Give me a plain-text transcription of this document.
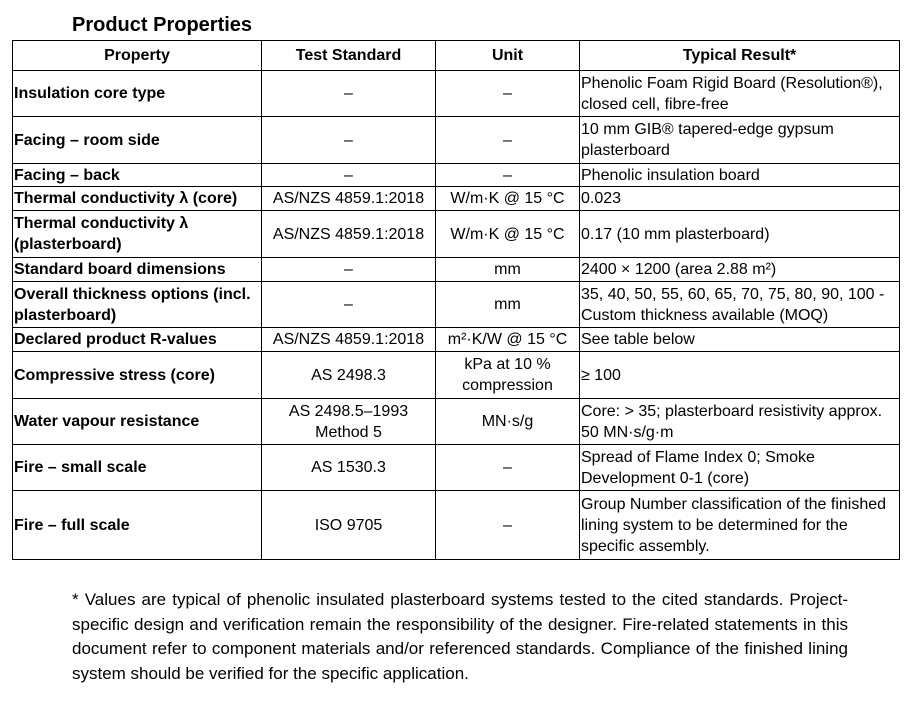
Product Properties
Property	Test Standard	Unit	Typical Result*
Insulation core type	–	–	Phenolic Foam Rigid Board (Resolution®), closed cell, fibre-free
Facing – room side	–	–	10 mm GIB® tapered-edge gypsum plasterboard
Facing – back	–	–	Phenolic insulation board
Thermal conductivity λ (core)	AS/NZS 4859.1:2018	W/m·K @ 15 °C	0.023
Thermal conductivity λ (plasterboard)	AS/NZS 4859.1:2018	W/m·K @ 15 °C	0.17 (10 mm plasterboard)
Standard board dimensions	–	mm	2400 × 1200 (area 2.88 m²)
Overall thickness options (incl. plasterboard)	–	mm	35, 40, 50, 55, 60, 65, 70, 75, 80, 90, 100 - Custom thickness available (MOQ)
Declared product R-values	AS/NZS 4859.1:2018	m²·K/W @ 15 °C	See table below
Compressive stress (core)	AS 2498.3	kPa at 10 % compression	≥ 100
Water vapour resistance	AS 2498.5–1993 Method 5	MN·s/g	Core: > 35; plasterboard resistivity approx. 50 MN·s/g·m
Fire – small scale	AS 1530.3	–	Spread of Flame Index 0; Smoke Development 0-1 (core)
Fire – full scale	ISO 9705	–	Group Number classification of the finished lining system to be determined for the specific assembly.
* Values are typical of phenolic insulated plasterboard systems tested to the cited standards. Project-specific design and verification remain the responsibility of the designer. Fire-related statements in this document refer to component materials and/or referenced standards. Compliance of the finished lining system should be verified for the specific application.
